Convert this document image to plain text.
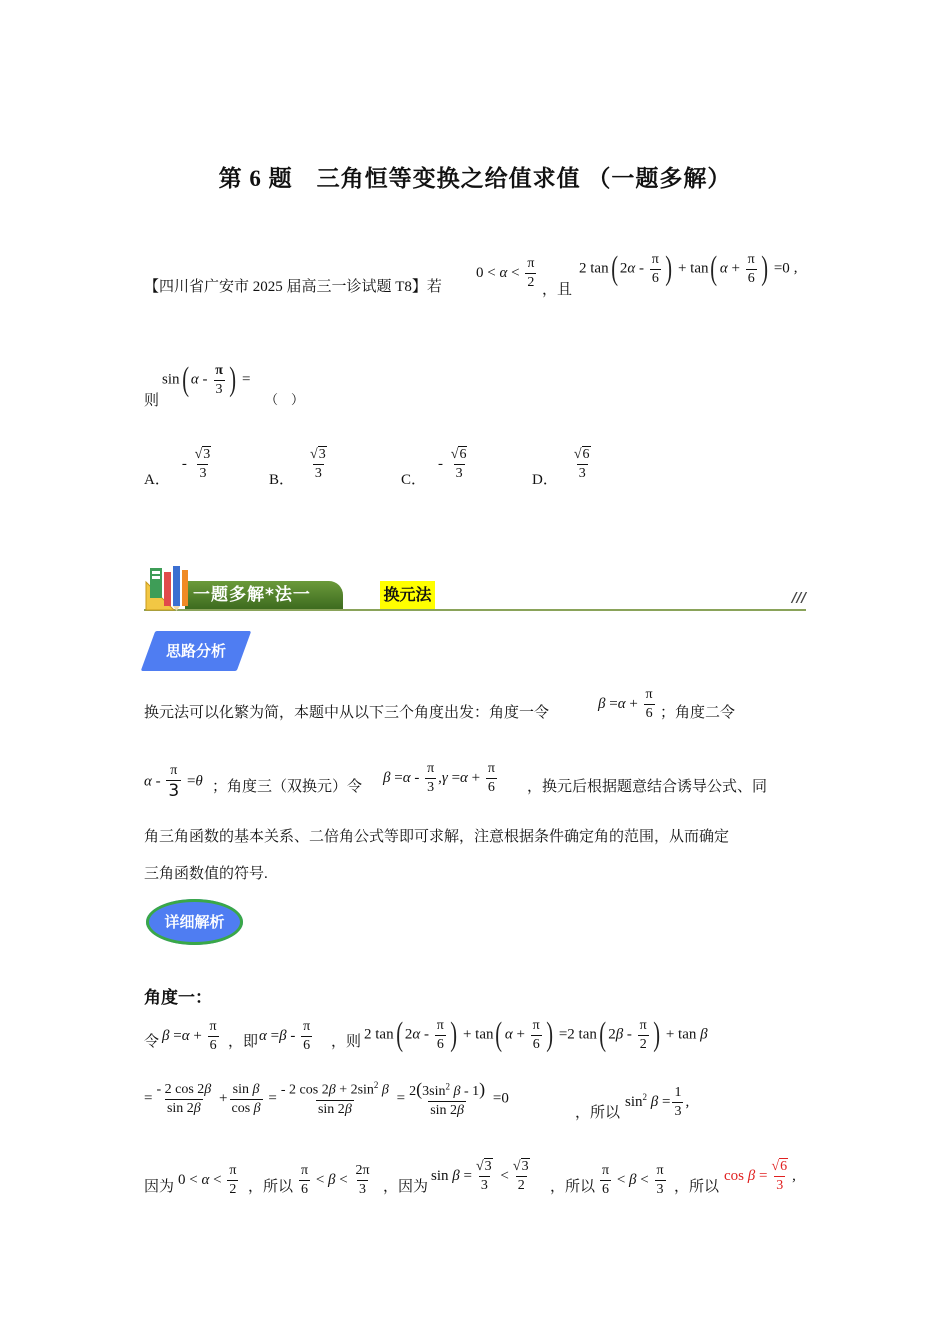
第 6 题　三角恒等变换之给值求值 （一题多解）
【四川省广安市 2025 届高三一诊试题 T8】若
$0 < \alpha < \frac{\pi}{2}$ ，且
2 tan( $2\alpha - \frac{\pi}{6}$ ) + tan( $\alpha + \frac{\pi}{6}$ ) =0 ,
则
sin( α - $\frac{\pi}{3}$ ) =
（　）
A． - $\frac{√3}{3}$	B． $\frac{√3}{3}$	C． - $\frac{√6}{3}$	D． $\frac{√6}{3}$
一题多解*法一	换元法	///
思路分析
换元法可以化繁为简，本题中从以下三个角度出发：角度一令
$\beta =\alpha + \frac{\pi}{6}$ ；角度二令
$\alpha - \frac{\pi}{3} =\theta$ ；角度三（双换元）令
$\beta =\alpha - \frac{\pi}{3} ,\gamma =\alpha + \frac{\pi}{6}$ ，换元后根据题意结合诱导公式、同
角三角函数的基本关系、二倍角公式等即可求解，注意根据条件确定角的范围，从而确定
三角函数值的符号.
详细解析
角度一：
令 $\beta =\alpha + \frac{\pi}{6}$ ，即 $\alpha =\beta - \frac{\pi}{6}$ ，则 2 tan( $2\alpha - \frac{\pi}{6}$ ) + tan( $\alpha + \frac{\pi}{6}$ ) =2 tan( $2\beta - \frac{\pi}{2}$ ) + tan β
= $\frac{- 2 \cos 2\beta}{\sin 2\beta} + \frac{\text{sin β}}{\text{cos β}} = \frac{- 2 \cos 2\beta + 2\sin^2 \beta}{\sin 2\beta} = \frac{2(3\sin^2 \beta - 1)}{\sin 2\beta} =0$
，所以
$\sin^2 \beta = \frac{1}{3}$ ,
因为 $0 < \alpha < \frac{\pi}{2}$ ，所以 $\frac{\pi}{6} < \beta < \frac{2\pi}{3}$ ，因为
$\sin \beta = \frac{√3}{3} < \frac{√3}{2}$ ，所以 $\frac{\pi}{6} < \beta < \frac{\pi}{3}$ ，所以
$\cos \beta = \frac{√6}{3}$ ,
